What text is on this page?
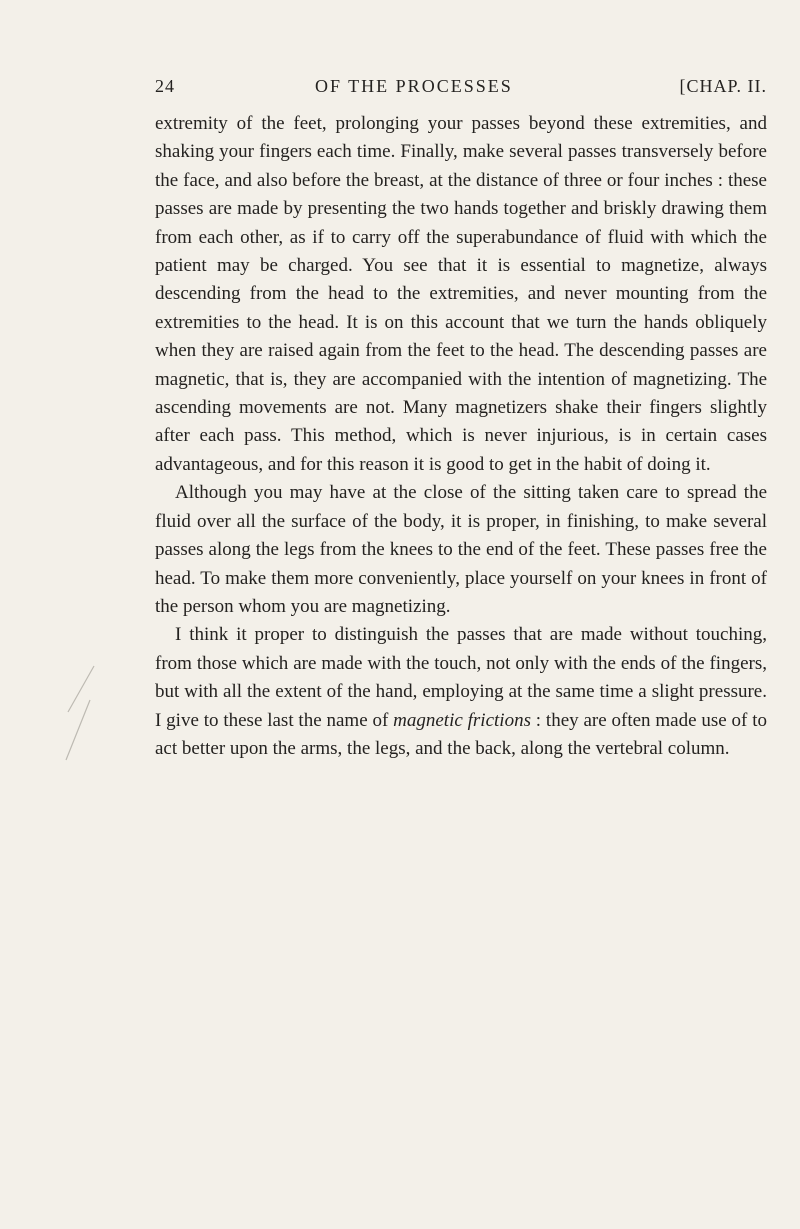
24	OF THE PROCESSES	[CHAP. II.

extremity of the feet, prolonging your passes beyond these extremities, and shaking your fingers each time. Finally, make several passes transversely before the face, and also before the breast, at the distance of three or four inches : these passes are made by presenting the two hands together and briskly drawing them from each other, as if to carry off the superabundance of fluid with which the patient may be charged. You see that it is essential to magnetize, always descending from the head to the extremities, and never mounting from the extremities to the head. It is on this account that we turn the hands obliquely when they are raised again from the feet to the head. The descending passes are magnetic, that is, they are accompanied with the intention of magnetizing. The ascending movements are not. Many magnetizers shake their fingers slightly after each pass. This method, which is never injurious, is in certain cases advantageous, and for this reason it is good to get in the habit of doing it.

Although you may have at the close of the sitting taken care to spread the fluid over all the surface of the body, it is proper, in finishing, to make several passes along the legs from the knees to the end of the feet. These passes free the head. To make them more conveniently, place yourself on your knees in front of the person whom you are magnetizing.

I think it proper to distinguish the passes that are made without touching, from those which are made with the touch, not only with the ends of the fingers, but with all the extent of the hand, employing at the same time a slight pressure. I give to these last the name of magnetic frictions : they are often made use of to act better upon the arms, the legs, and the back, along the vertebral column.
